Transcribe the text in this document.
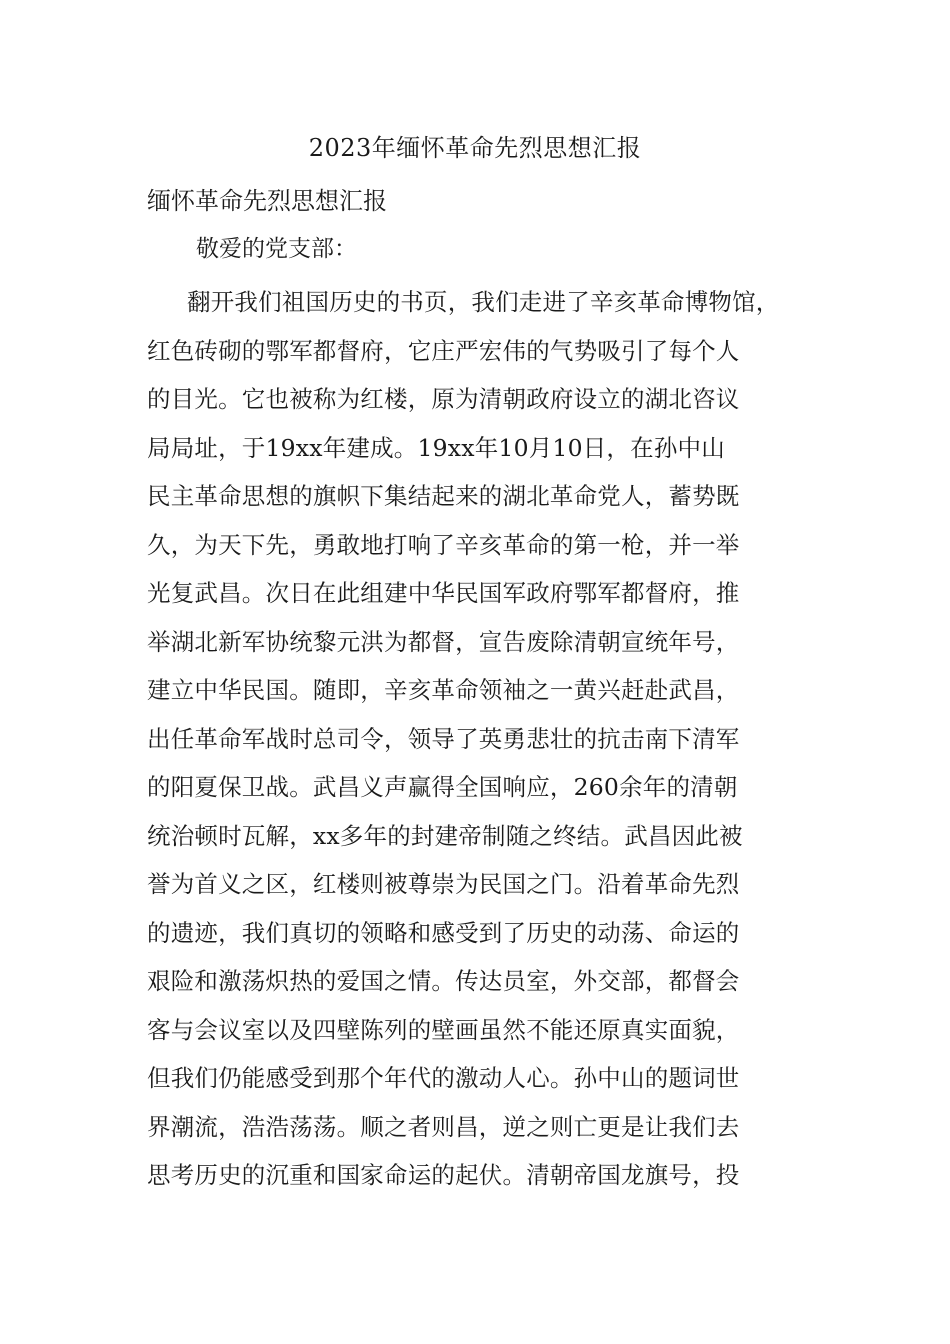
2023年缅怀革命先烈思想汇报

缅怀革命先烈思想汇报

敬爱的党支部：

翻开我们祖国历史的书页，我们走进了辛亥革命博物馆，
红色砖砌的鄂军都督府，它庄严宏伟的气势吸引了每个人
的目光。它也被称为红楼，原为清朝政府设立的湖北咨议
局局址，于19xx年建成。19xx年10月10日，在孙中山
民主革命思想的旗帜下集结起来的湖北革命党人，蓄势既
久，为天下先，勇敢地打响了辛亥革命的第一枪，并一举
光复武昌。次日在此组建中华民国军政府鄂军都督府，推
举湖北新军协统黎元洪为都督，宣告废除清朝宣统年号，
建立中华民国。随即，辛亥革命领袖之一黄兴赶赴武昌，
出任革命军战时总司令，领导了英勇悲壮的抗击南下清军
的阳夏保卫战。武昌义声赢得全国响应，260余年的清朝
统治顿时瓦解，xx多年的封建帝制随之终结。武昌因此被
誉为首义之区，红楼则被尊崇为民国之门。沿着革命先烈
的遗迹，我们真切的领略和感受到了历史的动荡、命运的
艰险和激荡炽热的爱国之情。传达员室，外交部，都督会
客与会议室以及四壁陈列的壁画虽然不能还原真实面貌，
但我们仍能感受到那个年代的激动人心。孙中山的题词世
界潮流，浩浩荡荡。顺之者则昌，逆之则亡更是让我们去
思考历史的沉重和国家命运的起伏。清朝帝国龙旗号，投
